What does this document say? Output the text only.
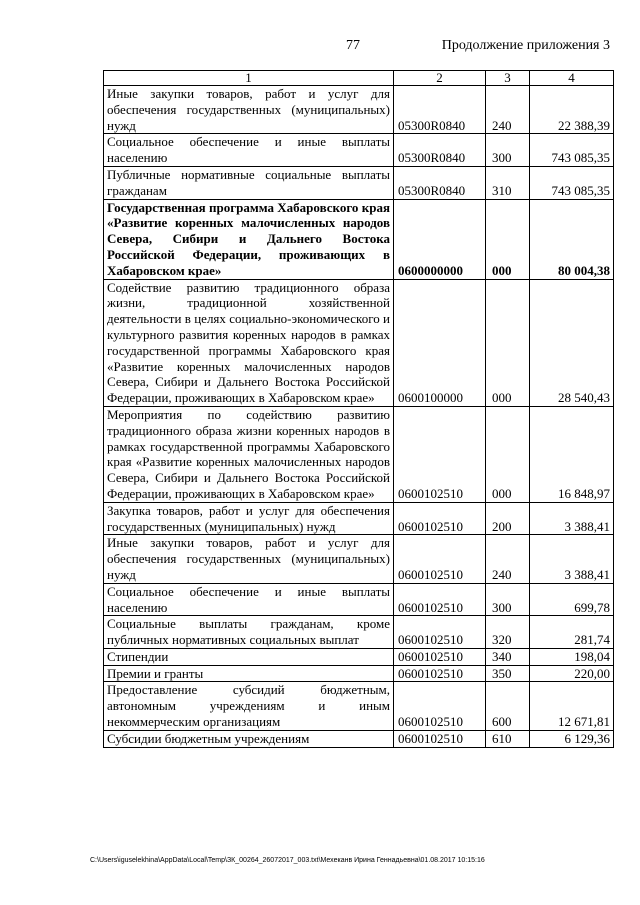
77	Продолжение приложения 3
1	2	3	4
Иные закупки товаров, работ и услуг для обеспечения государственных (муниципальных) нужд	05300R0840	240	22 388,39
Социальное обеспечение и иные выплаты населению	05300R0840	300	743 085,35
Публичные нормативные социальные выплаты гражданам	05300R0840	310	743 085,35
Государственная программа Хабаровского края «Развитие коренных малочисленных народов Севера, Сибири и Дальнего Востока Российской Федерации, проживающих в Хабаровском крае»	0600000000	000	80 004,38
Содействие развитию традиционного образа жизни, традиционной хозяйственной деятельности в целях социально-экономического и культурного развития коренных народов в рамках государственной программы Хабаровского края «Развитие коренных малочисленных народов Севера, Сибири и Дальнего Востока Российской Федерации, проживающих в Хабаровском крае»	0600100000	000	28 540,43
Мероприятия по содействию развитию традиционного образа жизни коренных народов в рамках государственной программы Хабаровского края «Развитие коренных малочисленных народов Севера, Сибири и Дальнего Востока Российской Федерации, проживающих в Хабаровском крае»	0600102510	000	16 848,97
Закупка товаров, работ и услуг для обеспечения государственных (муниципальных) нужд	0600102510	200	3 388,41
Иные закупки товаров, работ и услуг для обеспечения государственных (муниципальных) нужд	0600102510	240	3 388,41
Социальное обеспечение и иные выплаты населению	0600102510	300	699,78
Социальные выплаты гражданам, кроме публичных нормативных социальных выплат	0600102510	320	281,74
Стипендии	0600102510	340	198,04
Премии и гранты	0600102510	350	220,00
Предоставление субсидий бюджетным, автономным учреждениям и иным некоммерческим организациям	0600102510	600	12 671,81
Субсидии бюджетным учреждениям	0600102510	610	6 129,36
C:\Users\iguselekhina\AppData\Local\Temp\ЗК_00264_26072017_003.txt\Мехеканв Ирина Геннадьевна\01.08.2017 10:15:16
